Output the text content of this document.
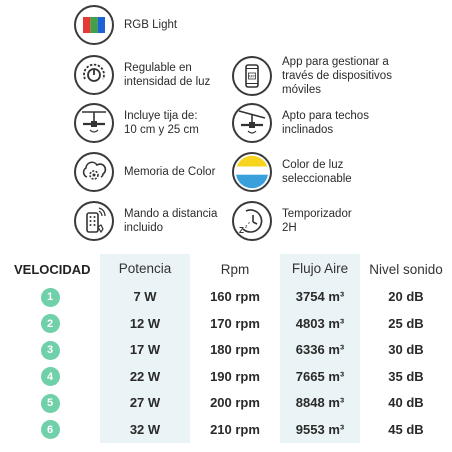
RGB Light
Regulable en
intensidad de luz	APP
App para gestionar a
través de dispositivos
móviles
Incluye tija de:
10 cm y 25 cm
Apto para techos
inclinados
Memoria de Color
Color de luz
seleccionable
Mando a distancia
incluido	Z z
z
Temporizador
2H
VELOCIDAD	Potencia	Rpm	Flujo Aire	Nivel sonido
1	7 W	160 rpm	3754 m³	20 dB
2	12 W	170 rpm	4803 m³	25 dB
3	17 W	180 rpm	6336 m³	30 dB
4	22 W	190 rpm	7665 m³	35 dB
5	27 W	200 rpm	8848 m³	40 dB
6	32 W	210 rpm	9553 m³	45 dB
